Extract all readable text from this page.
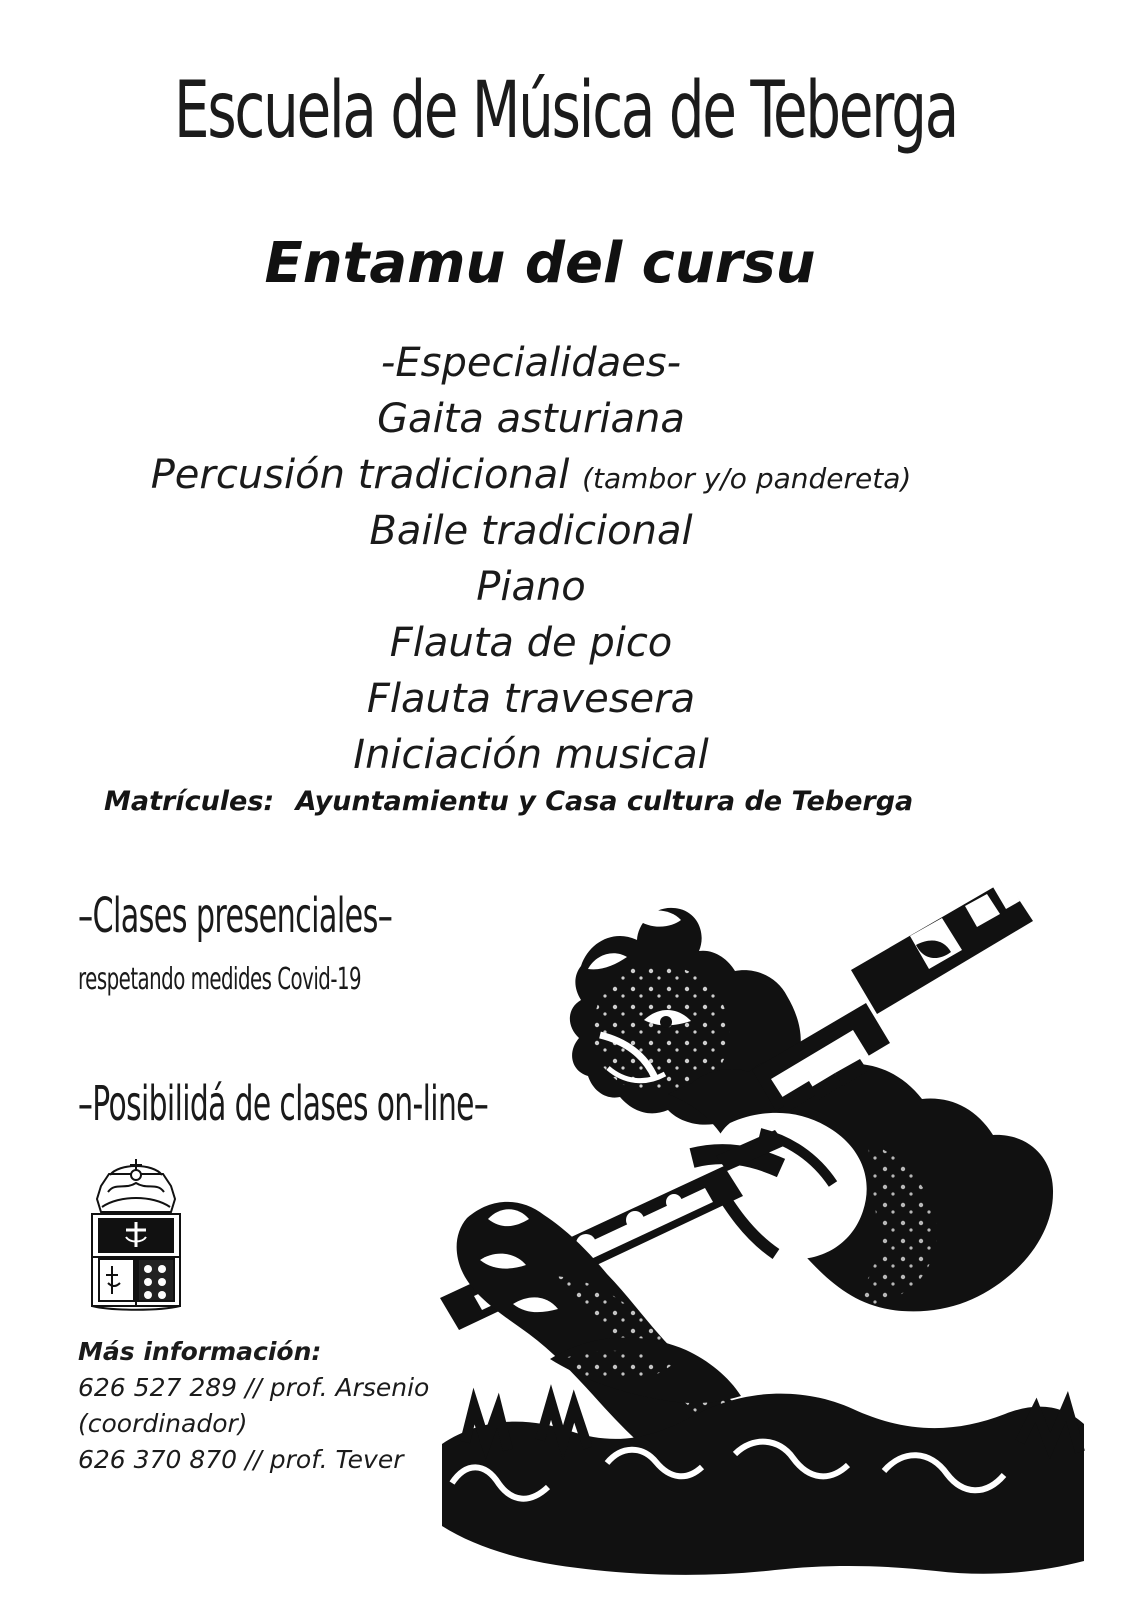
Escuela de Música de Teberga
Entamu del cursu
-Especialidaes-
Gaita asturiana
Percusión tradicional (tambor y/o pandereta)
Baile tradicional
Piano
Flauta de pico
Flauta travesera
Iniciación musical
Matrícules: Ayuntamientu y Casa cultura de Teberga
–Clases presenciales–
respetando medides Covid-19
–Posibilidá de clases on-line–
Más información:
626 527 289 // prof. Arsenio
(coordinador)
626 370 870 // prof. Tever
